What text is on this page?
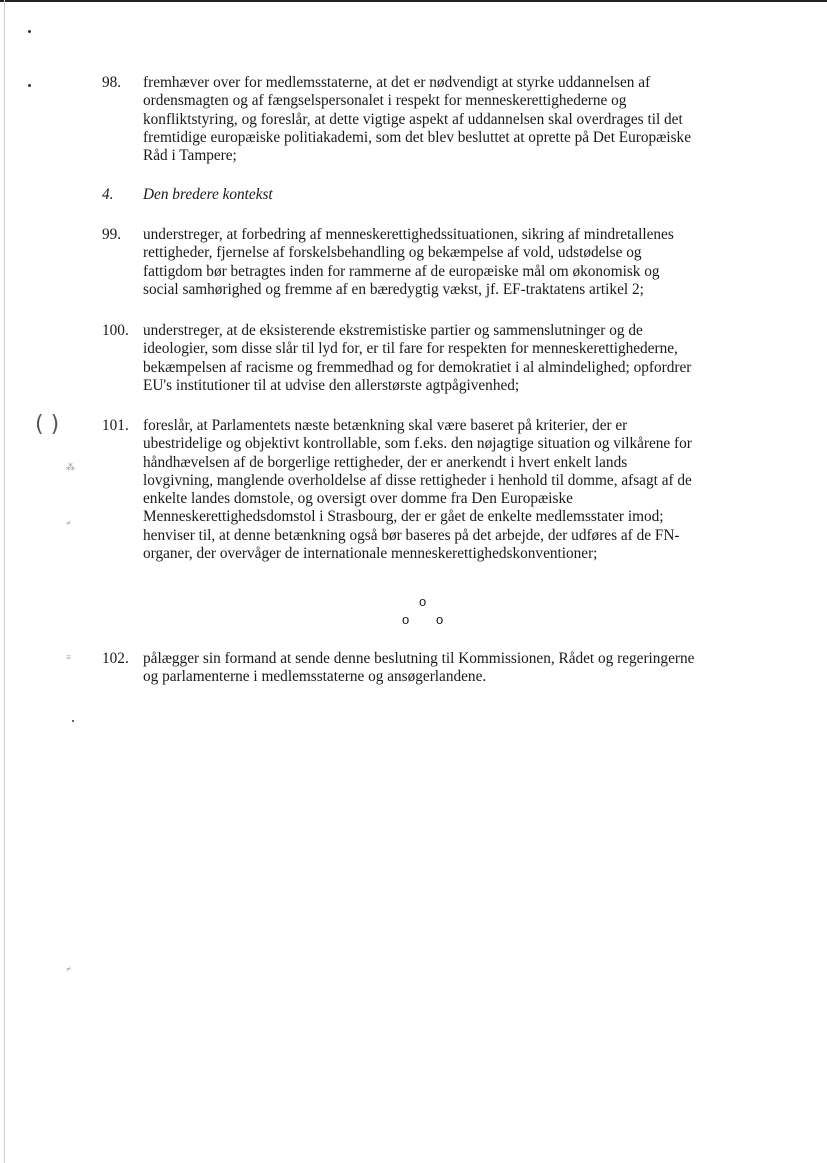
( )
⁂
≠
≡
≠
98. fremhæver over for medlemsstaterne, at det er nødvendigt at styrke uddannelsen af
ordensmagten og af fængselspersonalet i respekt for menneskerettighederne og
konfliktstyring, og foreslår, at dette vigtige aspekt af uddannelsen skal overdrages til det
fremtidige europæiske politiakademi, som det blev besluttet at oprette på Det Europæiske
Råd i Tampere;
4. Den bredere kontekst
99. understreger, at forbedring af menneskerettighedssituationen, sikring af mindretallenes
rettigheder, fjernelse af forskelsbehandling og bekæmpelse af vold, udstødelse og
fattigdom bør betragtes inden for rammerne af de europæiske mål om økonomisk og
social samhørighed og fremme af en bæredygtig vækst, jf. EF-traktatens artikel 2;
100. understreger, at de eksisterende ekstremistiske partier og sammenslutninger og de
ideologier, som disse slår til lyd for, er til fare for respekten for menneskerettighederne,
bekæmpelsen af racisme og fremmedhad og for demokratiet i al almindelighed; opfordrer
EU's institutioner til at udvise den allerstørste agtpågivenhed;
101. foreslår, at Parlamentets næste betænkning skal være baseret på kriterier, der er
ubestridelige og objektivt kontrollable, som f.eks. den nøjagtige situation og vilkårene for
håndhævelsen af de borgerlige rettigheder, der er anerkendt i hvert enkelt lands
lovgivning, manglende overholdelse af disse rettigheder i henhold til domme, afsagt af de
enkelte landes domstole, og oversigt over domme fra Den Europæiske
Menneskerettighedsdomstol i Strasbourg, der er gået de enkelte medlemsstater imod;
henviser til, at denne betænkning også bør baseres på det arbejde, der udføres af de FN-
organer, der overvåger de internationale menneskerettighedskonventioner;
o
o o
102. pålægger sin formand at sende denne beslutning til Kommissionen, Rådet og regeringerne
og parlamenterne i medlemsstaterne og ansøgerlandene.
